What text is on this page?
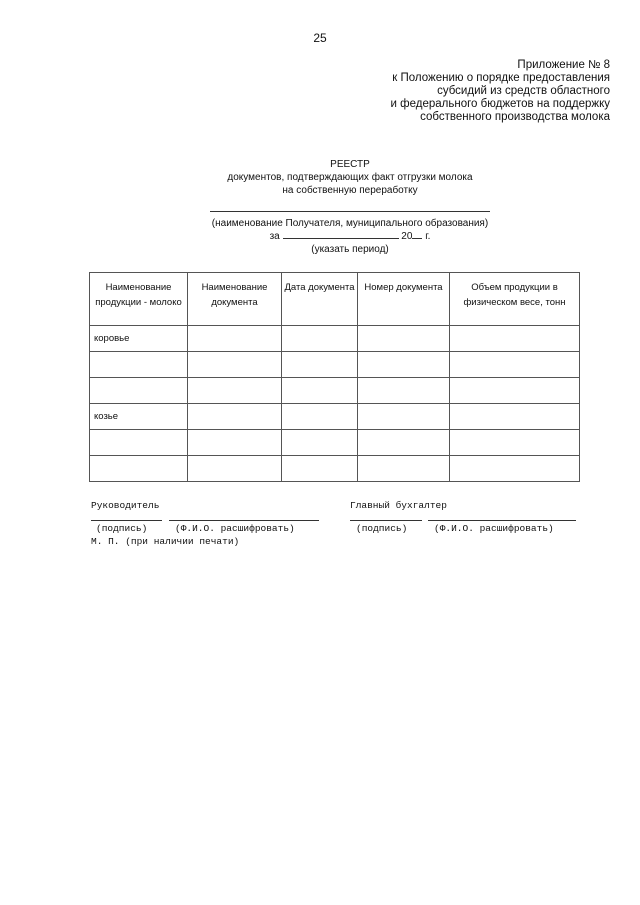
25
Приложение № 8
к Положению о порядке предоставления
субсидий из средств областного
и федерального бюджетов на поддержку
собственного производства молока
РЕЕСТР
документов, подтверждающих факт отгрузки молока
на собственную переработку
(наименование Получателя, муниципального образования)
за	20 г.
(указать период)
Наименование продукции - молоко	Наименование документа	Дата документа	Номер документа	Объем продукции в физическом весе, тонн
коровье				

козье				

Руководитель	Главный бухгалтер
(подпись)	(Ф.И.О. расшифровать)	(подпись)	(Ф.И.О. расшифровать)
М. П. (при наличии печати)
